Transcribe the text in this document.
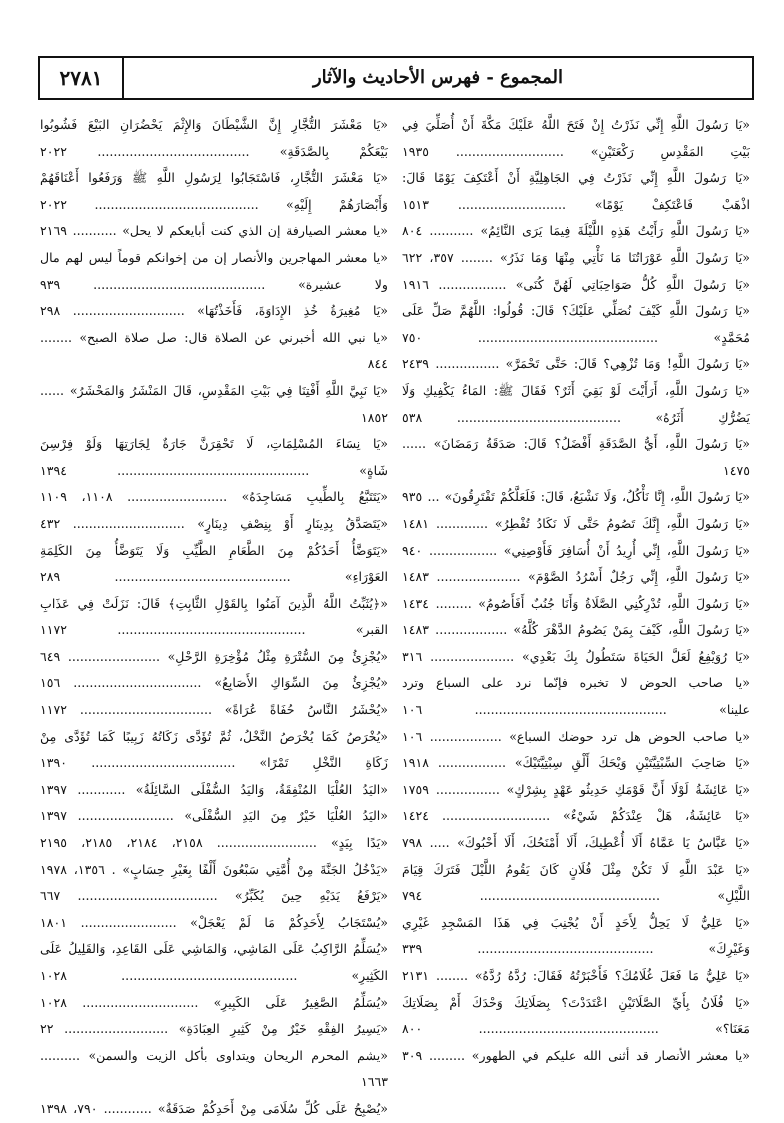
٢٧٨١	المجموع - فهرس الأحاديث والآثار
«يَا رَسُولَ اللَّهِ إِنِّي نَذَرْتُ إِنْ فَتَحَ اللَّهُ عَلَيْكَ مَكَّةَ أَنْ أُصَلِّيَ فِي
بَيْتِ المَقْدِسِ رَكْعَتَيْنِ» ........................... ١٩٣٥
«يَا رَسُولَ اللَّهِ إِنِّي نَذَرْتُ فِي الجَاهِلِيَّةِ أَنْ أَعْتَكِفَ يَوْمًا قَالَ:
اذْهَبْ فَاعْتَكِفْ يَوْمًا» ........................... ١٥١٣
«يَا رَسُولَ اللَّهِ رَأَيْتُ هَذِهِ اللَّيْلَةَ فِيمَا يَرَى النَّائِمُ» ........... ٨٠٤
«يَا رَسُولَ اللَّهِ عَوْرَاتُنَا مَا نَأْتِي مِنْهَا وَمَا نَذَرُ» ........ ٣٥٧، ٦٢٢
«يَا رَسُولَ اللَّهِ كُلُّ صَوَاحِبَاتِي لَهُنَّ كُنَى» ................. ١٩١٦
«يَا رَسُولَ اللَّهِ كَيْفَ نُصَلِّي عَلَيْكَ؟ قَالَ: قُولُوا: اللَّهُمَّ صَلِّ عَلَى
مُحَمَّدٍ» ............................................. ٧٥٠
«يَا رَسُولَ اللَّهِ! وَمَا تُزْهِي؟ قَالَ: حَتَّى تَحْمَرَّ» ................ ٢٤٣٩
«يَا رَسُولَ اللَّهِ، أَرَأَيْتَ لَوْ بَقِيَ أَثَرٌ؟ فَقَالَ ﷺ: المَاءُ يَكْفِيكِ وَلَا
يَضُرُّكِ أَثَرُهُ» ......................................... ٥٣٨
«يَا رَسُولَ اللَّهِ، أَيُّ الصَّدَقَةِ أَفْضَلُ؟ قَالَ: صَدَقَةُ رَمَضَانَ» ...... ١٤٧٥
«يَا رَسُولَ اللَّهِ، إِنَّا نَأْكُلُ، وَلَا نَشْبَعُ، قَالَ: فَلَعَلَّكُمْ تَفْتَرِقُونَ» ... ٩٣٥
«يَا رَسُولَ اللَّهِ، إِنَّكَ تَصُومُ حَتَّى لَا نَكَادُ تُفْطِرُ» ............. ١٤٨١
«يَا رَسُولَ اللَّهِ، إِنِّي أُرِيدُ أَنْ أُسَافِرَ فَأَوْصِنِي» ................. ٩٤٠
«يَا رَسُولَ اللَّهِ، إِنِّي رَجُلٌ أَسْرُدُ الصَّوْمَ» ..................... ١٤٨٣
«يَا رَسُولَ اللَّهِ، تُدْرِكُنِي الصَّلَاةُ وَأَنَا جُنُبٌ أَفَأَصُومُ» ......... ١٤٣٤
«يَا رَسُولَ اللَّهِ، كَيْفَ بِمَنْ يَصُومُ الدَّهْرَ كُلَّهُ» .................. ١٤٨٣
«يَا رُوَيْفِعُ لَعَلَّ الحَيَاةَ سَتَطُولُ بِكَ بَعْدِي» ..................... ٣١٦
«يا صاحب الحوض لا تخبره فإنّما نرد على السباع وترد
علينا» ................................................ ١٠٦
«يا صاحب الحوض هل ترد حوضك السباع» .................. ١٠٦
«يَا صَاحِبَ السِّبْتِيَّتَيْنِ وَيْحَكَ أَلْقِ سِبْتِيَّتَيْكَ» ................. ١٩١٨
«يَا عَائِشَةُ لَوْلَا أَنَّ قَوْمَكِ حَدِيثُو عَهْدٍ بِشِرْكٍ» ................ ١٧٥٩
«يَا عَائِشَةُ، هَلْ عِنْدَكُمْ شَيْءٌ» ........................... ١٤٢٤
«يَا عَبَّاسُ يَا عَمَّاهُ أَلَا أُعْطِيكَ، أَلَا أَمْنَحُكَ، أَلَا أَحْبُوكَ» ..... ٧٩٨
«يَا عَبْدَ اللَّهِ لَا تَكُنْ مِثْلَ فُلَانٍ كَانَ يَقُومُ اللَّيْلَ فَتَرَكَ قِيَامَ
اللَّيْلِ» ............................................. ٧٩٤
«يَا عَلِيُّ لَا يَحِلُّ لِأَحَدٍ أَنْ يُجْنِبَ فِي هَذَا المَسْجِدِ غَيْرِي
وَغَيْرِكَ» ............................................ ٣٣٩
«يَا عَلِيُّ مَا فَعَلَ غُلَامُكَ؟ فَأَخْبَرْتُهُ فَقَالَ: رُدَّهُ رُدَّهُ» ........ ٢١٣١
«يَا فُلَانُ بِأَيِّ الصَّلَاتَيْنِ اعْتَدَدْتَ؟ بِصَلَاتِكَ وَحْدَكَ أَمْ بِصَلَاتِكَ
مَعَنَا؟» ............................................. ٨٠٠
«يا معشر الأنصار قد أثنى الله عليكم في الطهور» ......... ٣٠٩
«يَا مَعْشَرَ التُّجَّارِ إِنَّ الشَّيْطَانَ وَالإِثْمَ يَحْضُرَانِ البَيْعَ فَشُوبُوا
بَيْعَكُمْ بِالصَّدَقَةِ» ...................................... ٢٠٢٢
«يَا مَعْشَرَ التُّجَّارِ، فَاسْتَجَابُوا لِرَسُولِ اللَّهِ ﷺ وَرَفَعُوا أَعْنَاقَهُمْ
وَأَبْصَارَهُمْ إِلَيْهِ» ......................................... ٢٠٢٢
«يا معشر الصيارفة إن الذي كنت أبايعكم لا يحل» ........... ٢١٦٩
«يا معشر المهاجرين والأنصار إن من إخوانكم قوماً ليس لهم مال
ولا عشيرة» ........................................... ٩٣٩
«يَا مُغِيرَةُ خُذِ الإِدَاوَةَ، فَأَخَذْتُهَا» ............................ ٢٩٨
«يا نبي الله أخبرني عن الصلاة قال: صل صلاة الصبح» ........ ٨٤٤
«يَا نَبِيَّ اللَّهِ أَفْتِنَا فِي بَيْتِ المَقْدِسِ، قَالَ المَنْشَرُ وَالمَحْشَرُ» ...... ١٨٥٢
«يَا نِسَاءَ المُسْلِمَاتِ، لَا تَحْقِرَنَّ جَارَةٌ لِجَارَتِهَا وَلَوْ فِرْسِنَ
شَاةٍ» ................................................ ١٣٩٤
«يَتَتَبَّعُ بِالطِّيبِ مَسَاجِدَهُ» ......................... ١١٠٨، ١١٠٩
«يَتَصَدَّقُ بِدِينَارٍ أَوْ بِنِصْفِ دِينَارٍ» ............................ ٤٣٢
«يَتَوَضَّأُ أَحَدُكُمْ مِنَ الطَّعَامِ الطَّيِّبِ وَلَا يَتَوَضَّأُ مِنَ الكَلِمَةِ
العَوْرَاءِ» ............................................ ٢٨٩
«﴿يُثَبِّتُ اللَّهُ الَّذِينَ آمَنُوا بِالقَوْلِ الثَّابِتِ﴾ قَالَ: نَزَلَتْ فِي عَذَابِ
القبر» ............................................... ١١٧٢
«يُجْزِئُ مِنَ السُّتْرَةِ مِثْلُ مُؤْخِرَةِ الرَّحْلِ» ....................... ٦٤٩
«يُجْزِئُ مِنَ السِّوَاكِ الأَصَابِعُ» ................................ ١٥٦
«يُحْشَرُ النَّاسُ حُفَاةً عُرَاةً» ................................. ١١٧٢
«يُخْرَصُ كَمَا يُخْرَصُ النَّخْلُ، ثُمَّ تُؤَدَّى زَكَاتُهُ زَبِيبًا كَمَا تُؤَدَّى مِنْ
زَكَاةِ النَّخْلِ تَمْرًا» .................................... ١٣٩٠
«اليَدُ العُلْيَا المُنْفِقَةُ، وَاليَدُ السُّفْلَى السَّائِلَةُ» ............ ١٣٩٧
«اليَدُ العُلْيَا خَيْرٌ مِنَ اليَدِ السُّفْلَى» ........................ ١٣٩٧
«يَدًا بِيَدٍ» ......................... ٢١٥٨، ٢١٨٤، ٢١٨٥، ٢١٩٥
«يَدْخُلُ الجَنَّةَ مِنْ أُمَّتِي سَبْعُونَ أَلْفًا بِغَيْرِ حِسَابٍ» . ١٣٥٦، ١٩٧٨
«يَرْفَعُ يَدَيْهِ حِينَ يُكَبِّرُ» ................................... ٦٦٧
«يُسْتَجَابُ لِأَحَدِكُمْ مَا لَمْ يَعْجَلْ» ........................ ١٨٠١
«يُسَلِّمُ الرَّاكِبُ عَلَى المَاشِي، وَالمَاشِي عَلَى القَاعِدِ، وَالقَلِيلُ عَلَى
الكَثِيرِ» ............................................ ١٠٢٨
«يُسَلِّمُ الصَّغِيرُ عَلَى الكَبِيرِ» ............................. ١٠٢٨
«يَسِيرُ الفِقْهِ خَيْرٌ مِنْ كَثِيرِ العِبَادَةِ» .......................... ٢٢
«يشم المحرم الريحان ويتداوى بأكل الزيت والسمن» .......... ١٦٦٣
«يُصْبِحُ عَلَى كُلِّ سُلَامَى مِنْ أَحَدِكُمْ صَدَقَةٌ» ............ ٧٩٠، ١٣٩٨
